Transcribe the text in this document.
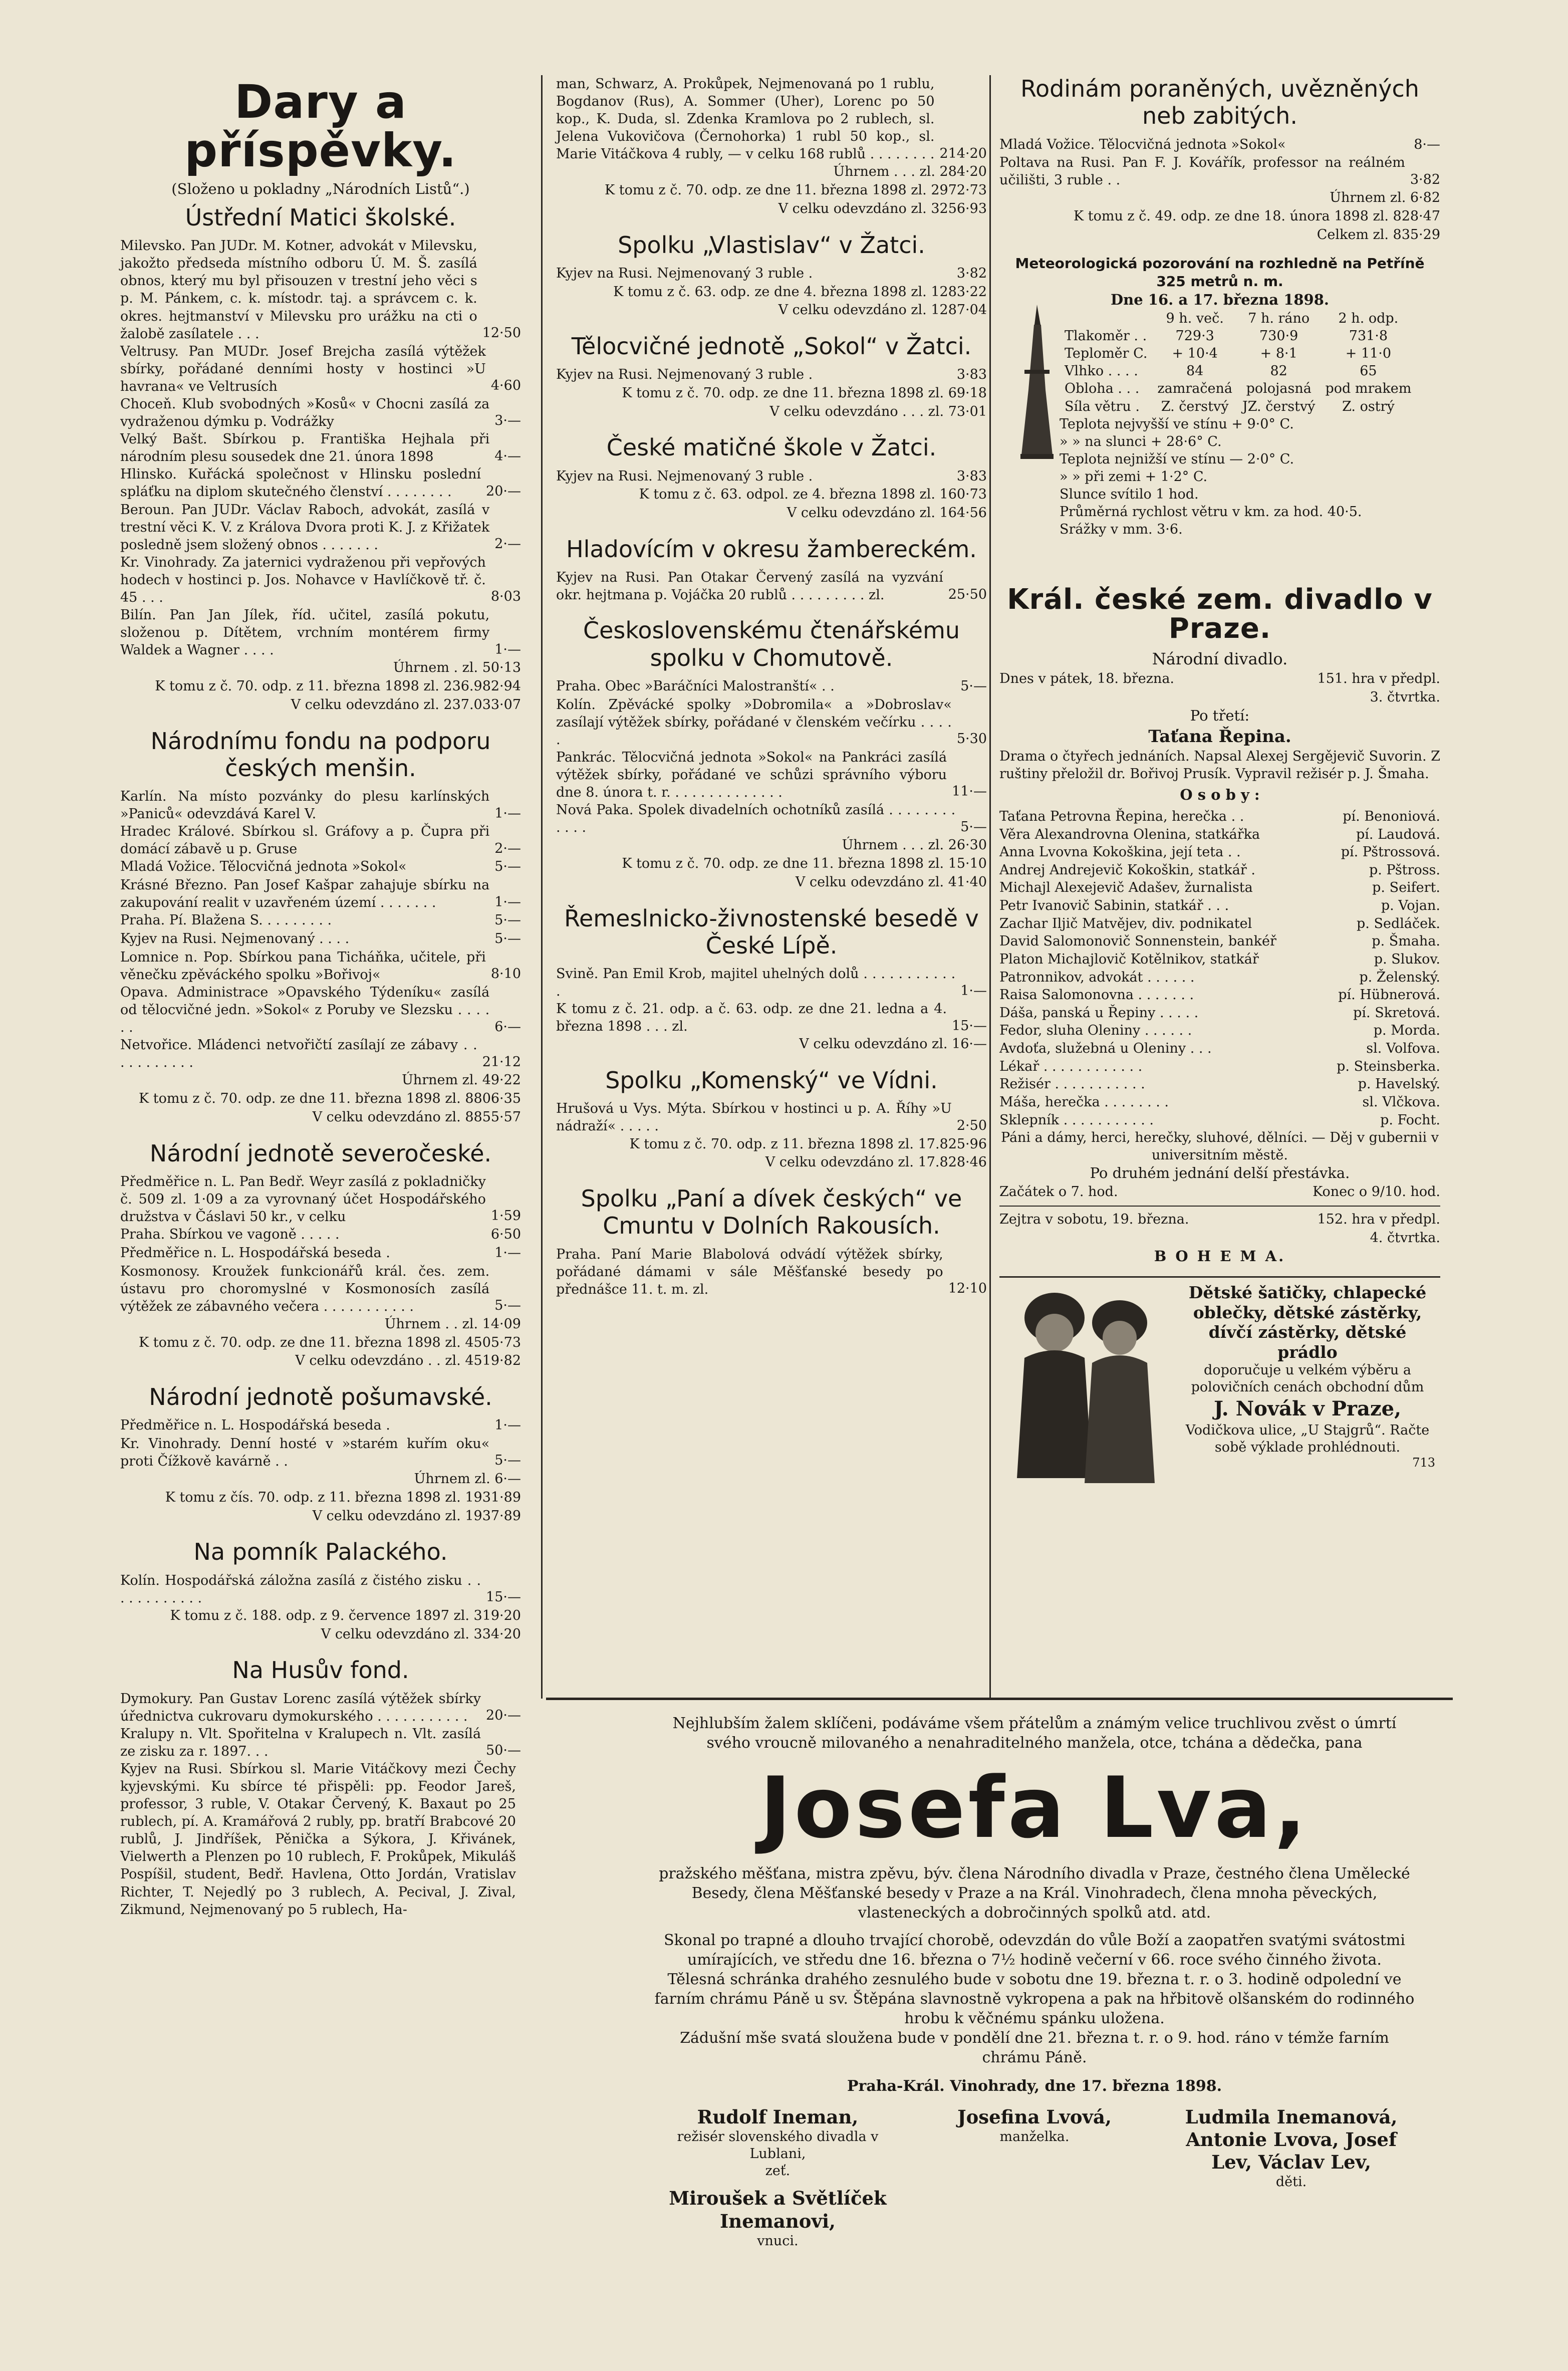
Dary a příspěvky.
(Složeno u pokladny „Národních Listů“.)
Ústřední Matici školské.
Milevsko. Pan JUDr. M. Kotner, advokát v Milevsku, jakožto předseda místního odboru Ú. M. Š. zasílá obnos, který mu byl přisouzen v trestní jeho věci s p. M. Pánkem, c. k. místodr. taj. a správcem c. k. okres. hejtmanství v Milevsku pro urážku na cti o žalobě zasílatele . . .	12·50
Veltrusy. Pan MUDr. Josef Brejcha zasílá výtěžek sbírky, pořádané denními hosty v hostinci »U havrana« ve Veltrusích	4·60
Choceň. Klub svobodných »Kosů« v Chocni zasílá za vydraženou dýmku p. Vodrážky	3·—
Velký Bašt. Sbírkou p. Františka Hejhala při národním plesu sousedek dne 21. února 1898	4·—
Hlinsko. Kuřácká společnost v Hlinsku poslední spláťku na diplom skutečného členství . . . . . . . .	20·—
Beroun. Pan JUDr. Václav Raboch, advokát, zasílá v trestní věci K. V. z Králova Dvora proti K. J. z Křižatek posledně jsem složený obnos . . . . . . .	2·—
Kr. Vinohrady. Za jaternici vydraženou při vepřových hodech v hostinci p. Jos. Nohavce v Havlíčkově tř. č. 45 . . .	8·03
Bilín. Pan Jan Jílek, říd. učitel, zasílá pokutu, složenou p. Dítětem, vrchním montérem firmy Waldek a Wagner . . . .	1·—
Úhrnem . zl. 50·13
K tomu z č. 70. odp. z 11. března 1898 zl. 236.982·94
V celku odevzdáno zl. 237.033·07
Národnímu fondu na podporu českých menšin.
Karlín. Na místo pozvánky do plesu karlínských »Paniců« odevzdává Karel V.	1·—
Hradec Králové. Sbírkou sl. Gráfovy a p. Čupra při domácí zábavě u p. Gruse	2·—
Mladá Vožice. Tělocvičná jednota »Sokol«	5·—
Krásné Březno. Pan Josef Kašpar zahajuje sbírku na zakupování realit v uzavřeném území . . . . . . .	1·—
Praha. Pí. Blažena S. . . . . . . . .	5·—
Kyjev na Rusi. Nejmenovaný . . . .	5·—
Lomnice n. Pop. Sbírkou pana Ticháňka, učitele, při věnečku zpěváckého spolku »Bořivoj«	8·10
Opava. Administrace »Opavského Týdeníku« zasílá od tělocvičné jedn. »Sokol« z Poruby ve Slezsku . . . . . .	6·—
Netvořice. Mládenci netvořičtí zasílají ze zábavy . . . . . . . . . . .	21·12
Úhrnem zl. 49·22
K tomu z č. 70. odp. ze dne 11. března 1898 zl. 8806·35
V celku odevzdáno zl. 8855·57
Národní jednotě severočeské.
Předměřice n. L. Pan Bedř. Weyr zasílá z pokladničky č. 509 zl. 1·09 a za vyrovnaný účet Hospodářského družstva v Čáslavi 50 kr., v celku	1·59
Praha. Sbírkou ve vagoně . . . . .	6·50
Předměřice n. L. Hospodářská beseda .	1·—
Kosmonosy. Kroužek funkcionářů král. čes. zem. ústavu pro choromyslné v Kosmonosích zasílá výtěžek ze zábavného večera . . . . . . . . . . .	5·—
Úhrnem . . zl. 14·09
K tomu z č. 70. odp. ze dne 11. března 1898 zl. 4505·73
V celku odevzdáno . . zl. 4519·82
Národní jednotě pošumavské.
Předměřice n. L. Hospodářská beseda .	1·—
Kr. Vinohrady. Denní hosté v »starém kuřím oku« proti Čížkově kavárně . .	5·—
Úhrnem zl. 6·—
K tomu z čís. 70. odp. z 11. března 1898 zl. 1931·89
V celku odevzdáno zl. 1937·89
Na pomník Palackého.
Kolín. Hospodářská záložna zasílá z čistého zisku . . . . . . . . . . . .	15·—
K tomu z č. 188. odp. z 9. července 1897 zl. 319·20
V celku odevzdáno zl. 334·20
Na Husův fond.
Dymokury. Pan Gustav Lorenc zasílá výtěžek sbírky úřednictva cukrovaru dymokurského . . . . . . . . . . .	20·—
Kralupy n. Vlt. Spořitelna v Kralupech n. Vlt. zasílá ze zisku za r. 1897. . .	50·—
Kyjev na Rusi. Sbírkou sl. Marie Vitáčkovy mezi Čechy kyjevskými. Ku sbírce té přispěli: pp. Feodor Jareš, professor, 3 ruble, V. Otakar Červený, K. Baxaut po 25 rublech, pí. A. Kramářová 2 rubly, pp. bratří Brabcové 20 rublů, J. Jindříšek, Pěnička a Sýkora, J. Křivánek, Vielwerth a Plenzen po 10 rublech, F. Prokůpek, Mikuláš Pospíšil, student, Bedř. Havlena, Otto Jordán, Vratislav Richter, T. Nejedlý po 3 rublech, A. Pecival, J. Zival, Zikmund, Nejmenovaný po 5 rublech, Ha-
man, Schwarz, A. Prokůpek, Nejmenovaná po 1 rublu, Bogdanov (Rus), A. Sommer (Uher), Lorenc po 50 kop., K. Duda, sl. Zdenka Kramlova po 2 rublech, sl. Jelena Vukovičova (Černohorka) 1 rubl 50 kop., sl. Marie Vitáčkova 4 rubly, — v celku 168 rublů . . . . . . . . 214·20
Úhrnem . . . zl. 284·20
K tomu z č. 70. odp. ze dne 11. března 1898 zl. 2972·73
V celku odevzdáno zl. 3256·93
Spolku „Vlastislav“ v Žatci.
Kyjev na Rusi. Nejmenovaný 3 ruble .	3·82
K tomu z č. 63. odp. ze dne 4. března 1898 zl. 1283·22
V celku odevzdáno zl. 1287·04
Tělocvičné jednotě „Sokol“ v Žatci.
Kyjev na Rusi. Nejmenovaný 3 ruble .	3·83
K tomu z č. 70. odp. ze dne 11. března 1898 zl. 69·18
V celku odevzdáno . . . zl. 73·01
České matičné škole v Žatci.
Kyjev na Rusi. Nejmenovaný 3 ruble .	3·83
K tomu z č. 63. odpol. ze 4. března 1898 zl. 160·73
V celku odevzdáno zl. 164·56
Hladovícím v okresu žambereckém.
Kyjev na Rusi. Pan Otakar Červený zasílá na vyzvání okr. hejtmana p. Vojáčka 20 rublů . . . . . . . . . zl.	25·50
Československému čtenářskému spolku v Chomutově.
Praha. Obec »Baráčníci Malostranští« . .	5·—
Kolín. Zpěvácké spolky »Dobromila« a »Dobroslav« zasílají výtěžek sbírky, pořádané v členském večírku . . . . .	5·30
Pankrác. Tělocvičná jednota »Sokol« na Pankráci zasílá výtěžek sbírky, pořádané ve schůzi správního výboru dne 8. února t. r. . . . . . . . . . . . . .	11·—
Nová Paka. Spolek divadelních ochotníků zasílá . . . . . . . . . . . .	5·—
Úhrnem . . . zl. 26·30
K tomu z č. 70. odp. ze dne 11. března 1898 zl. 15·10
V celku odevzdáno zl. 41·40
Řemeslnicko-živnostenské besedě v České Lípě.
Svině. Pan Emil Krob, majitel uhelných dolů . . . . . . . . . . . .	1·—
K tomu z č. 21. odp. a č. 63. odp. ze dne 21. ledna a 4. března 1898 . . . zl.	15·—
V celku odevzdáno zl. 16·—
Spolku „Komenský“ ve Vídni.
Hrušová u Vys. Mýta. Sbírkou v hostinci u p. A. Říhy »U nádraží« . . . . .	2·50
K tomu z č. 70. odp. z 11. března 1898 zl. 17.825·96
V celku odevzdáno zl. 17.828·46
Spolku „Paní a dívek českých“ ve Cmuntu v Dolních Rakousích.
Praha. Paní Marie Blabolová odvádí výtěžek sbírky, pořádané dámami v sále Měšťanské besedy po přednášce 11. t. m. zl.	12·10
Rodinám poraněných, uvězněných neb zabitých.
Mladá Vožice. Tělocvičná jednota »Sokol«	8·—
Poltava na Rusi. Pan F. J. Kovářík, professor na reálném učilišti, 3 ruble . .	3·82
Úhrnem zl. 6·82
K tomu z č. 49. odp. ze dne 18. února 1898 zl. 828·47
Celkem zl. 835·29
Meteorologická pozorování na rozhledně na Petříně 325 metrů n. m.
Dne 16. a 17. března 1898.
	9 h. več.	7 h. ráno	2 h. odp.
Tlakoměr . .	729·3	730·9	731·8
Teploměr C.	+ 10·4	+ 8·1	+ 11·0
Vlhko . . . .	84	82	65
Obloha . . .	zamračená	polojasná	pod mrakem
Síla větru .	Z. čerstvý	JZ. čerstvý	Z. ostrý
Teplota nejvyšší ve stínu + 9·0° C.
» » na slunci + 28·6° C.
Teplota nejnižší ve stínu — 2·0° C.
» » při zemi + 1·2° C.
Slunce svítilo 1 hod.
Průměrná rychlost větru v km. za hod. 40·5.
Srážky v mm. 3·6.
Král. české zem. divadlo v Praze.
Národní divadlo.
Dnes v pátek, 18. března.	151. hra v předpl. 3. čtvrtka.
Po třetí:
Taťana Řepina.
Drama o čtyřech jednáních. Napsal Alexej Sergějevič Suvorin. Z ruštiny přeložil dr. Bořivoj Prusík. Vypravil režisér p. J. Šmaha.
O s o b y :
Taťana Petrovna Řepina, herečka . .	pí. Benoniová.
Věra Alexandrovna Olenina, statkářka	pí. Laudová.
Anna Lvovna Kokoškina, její teta . .	pí. Pštrossová.
Andrej Andrejevič Kokoškin, statkář .	p. Pštross.
Michajl Alexejevič Adašev, žurnalista	p. Seifert.
Petr Ivanovič Sabinin, statkář . . .	p. Vojan.
Zachar Iljič Matvějev, div. podnikatel	p. Sedláček.
David Salomonovič Sonnenstein, bankéř	p. Šmaha.
Platon Michajlovič Kotělnikov, statkář	p. Slukov.
Patronnikov, advokát . . . . . .	p. Želenský.
Raisa Salomonovna . . . . . . .	pí. Hübnerová.
Dáša, panská u Řepiny . . . . .	pí. Skretová.
Fedor, sluha Oleniny . . . . . .	p. Morda.
Avdoťa, služebná u Oleniny . . .	sl. Volfova.
Lékař . . . . . . . . . . . .	p. Steinsberka.
Režisér . . . . . . . . . . .	p. Havelský.
Máša, herečka . . . . . . . .	sl. Vlčkova.
Sklepník . . . . . . . . . . .	p. Focht.
Páni a dámy, herci, herečky, sluhové, dělníci. — Děj v gubernii v universitním městě.
Po druhém jednání delší přestávka.
Začátek o 7. hod.	Konec o 9/10. hod.
Zejtra v sobotu, 19. března.	152. hra v předpl. 4. čtvrtka.
B O H E M A.
Dětské šatičky, chlapecké oblečky, dětské zástěrky, dívčí zástěrky, dětské prádlo
doporučuje u velkém výběru a polovičních cenách obchodní dům
J. Novák v Praze,
Vodičkova ulice, „U Stajgrů“. Račte sobě výklade prohlédnouti.
713
Nejhlubším žalem sklíčeni, podáváme všem přátelům a známým velice truchlivou zvěst o úmrtí svého vroucně milovaného a nenahraditelného manžela, otce, tchána a dědečka, pana
Josefa Lva,
pražského měšťana, mistra zpěvu, býv. člena Národního divadla v Praze, čestného člena Umělecké Besedy, člena Měšťanské besedy v Praze a na Král. Vinohradech, člena mnoha pěveckých, vlasteneckých a dobročinných spolků atd. atd.
Skonal po trapné a dlouho trvající chorobě, odevzdán do vůle Boží a zaopatřen svatými svátostmi umírajících, ve středu dne 16. března o 7½ hodině večerní v 66. roce svého činného života.
Tělesná schránka drahého zesnulého bude v sobotu dne 19. března t. r. o 3. hodině odpolední ve farním chrámu Páně u sv. Štěpána slavnostně vykropena a pak na hřbitově olšanském do rodinného hrobu k věčnému spánku uložena.
Zádušní mše svatá sloužena bude v pondělí dne 21. března t. r. o 9. hod. ráno v témže farním chrámu Páně.
Praha-Král. Vinohrady, dne 17. března 1898.
Rudolf Ineman,
režisér slovenského divadla v Lublani,
zeť.
Miroušek a Světlíček Inemanovi,
vnuci.
Josefina Lvová,
manželka.
Ludmila Inemanová, Antonie Lvova, Josef Lev, Václav Lev,
děti.
